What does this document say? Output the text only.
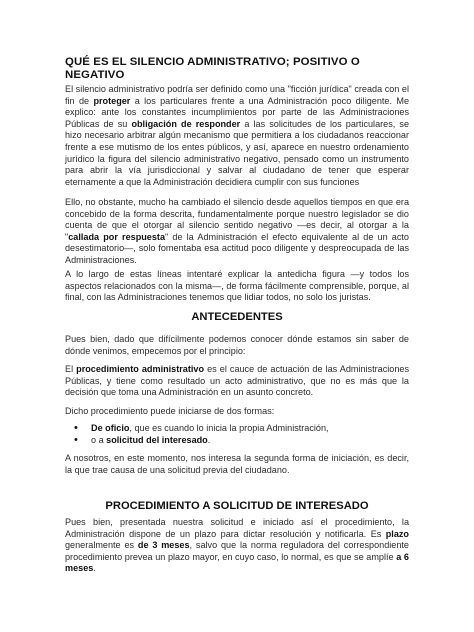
QUÉ ES EL SILENCIO ADMINISTRATIVO; POSITIVO O NEGATIVO

El silencio administrativo podría ser definido como una "ficción jurídica" creada con el fin de proteger a los particulares frente a una Administración poco diligente. Me explico: ante los constantes incumplimientos por parte de las Administraciones Públicas de su obligación de responder a las solicitudes de los particulares, se hizo necesario arbitrar algún mecanismo que permitiera a los ciudadanos reaccionar frente a ese mutismo de los entes públicos, y así, aparece en nuestro ordenamiento jurídico la figura del silencio administrativo negativo, pensado como un instrumento para abrir la vía jurisdiccional y salvar al ciudadano de tener que esperar eternamente a que la Administración decidiera cumplir con sus funciones

Ello, no obstante, mucho ha cambiado el silencio desde aquellos tiempos en que era concebido de la forma descrita, fundamentalmente porque nuestro legislador se dio cuenta de que el otorgar al silencio sentido negativo —es decir, al otorgar a la "callada por respuesta" de la Administración el efecto equivalente al de un acto desestimatorio—, solo fomentaba esa actitud poco diligente y despreocupada de las Administraciones.

A lo largo de estas líneas intentaré explicar la antedicha figura —y todos los aspectos relacionados con la misma—, de forma fácilmente comprensible, porque, al final, con las Administraciones tenemos que lidiar todos, no solo los juristas.

ANTECEDENTES

Pues bien, dado que difícilmente podemos conocer dónde estamos sin saber de dónde venimos, empecemos por el principio:

El procedimiento administrativo es el cauce de actuación de las Administraciones Públicas, y tiene como resultado un acto administrativo, que no es más que la decisión que toma una Administración en un asunto concreto.

Dicho procedimiento puede iniciarse de dos formas:

• De oficio, que es cuando lo inicia la propia Administración,
• o a solicitud del interesado.

A nosotros, en este momento, nos interesa la segunda forma de iniciación, es decir, la que trae causa de una solicitud previa del ciudadano.

PROCEDIMIENTO A SOLICITUD DE INTERESADO

Pues bien, presentada nuestra solicitud e iniciado así el procedimiento, la Administración dispone de un plazo para dictar resolución y notificarla. Es plazo generalmente es de 3 meses, salvo que la norma reguladora del correspondiente procedimiento prevea un plazo mayor, en cuyo caso, lo normal, es que se amplíe a 6 meses.
